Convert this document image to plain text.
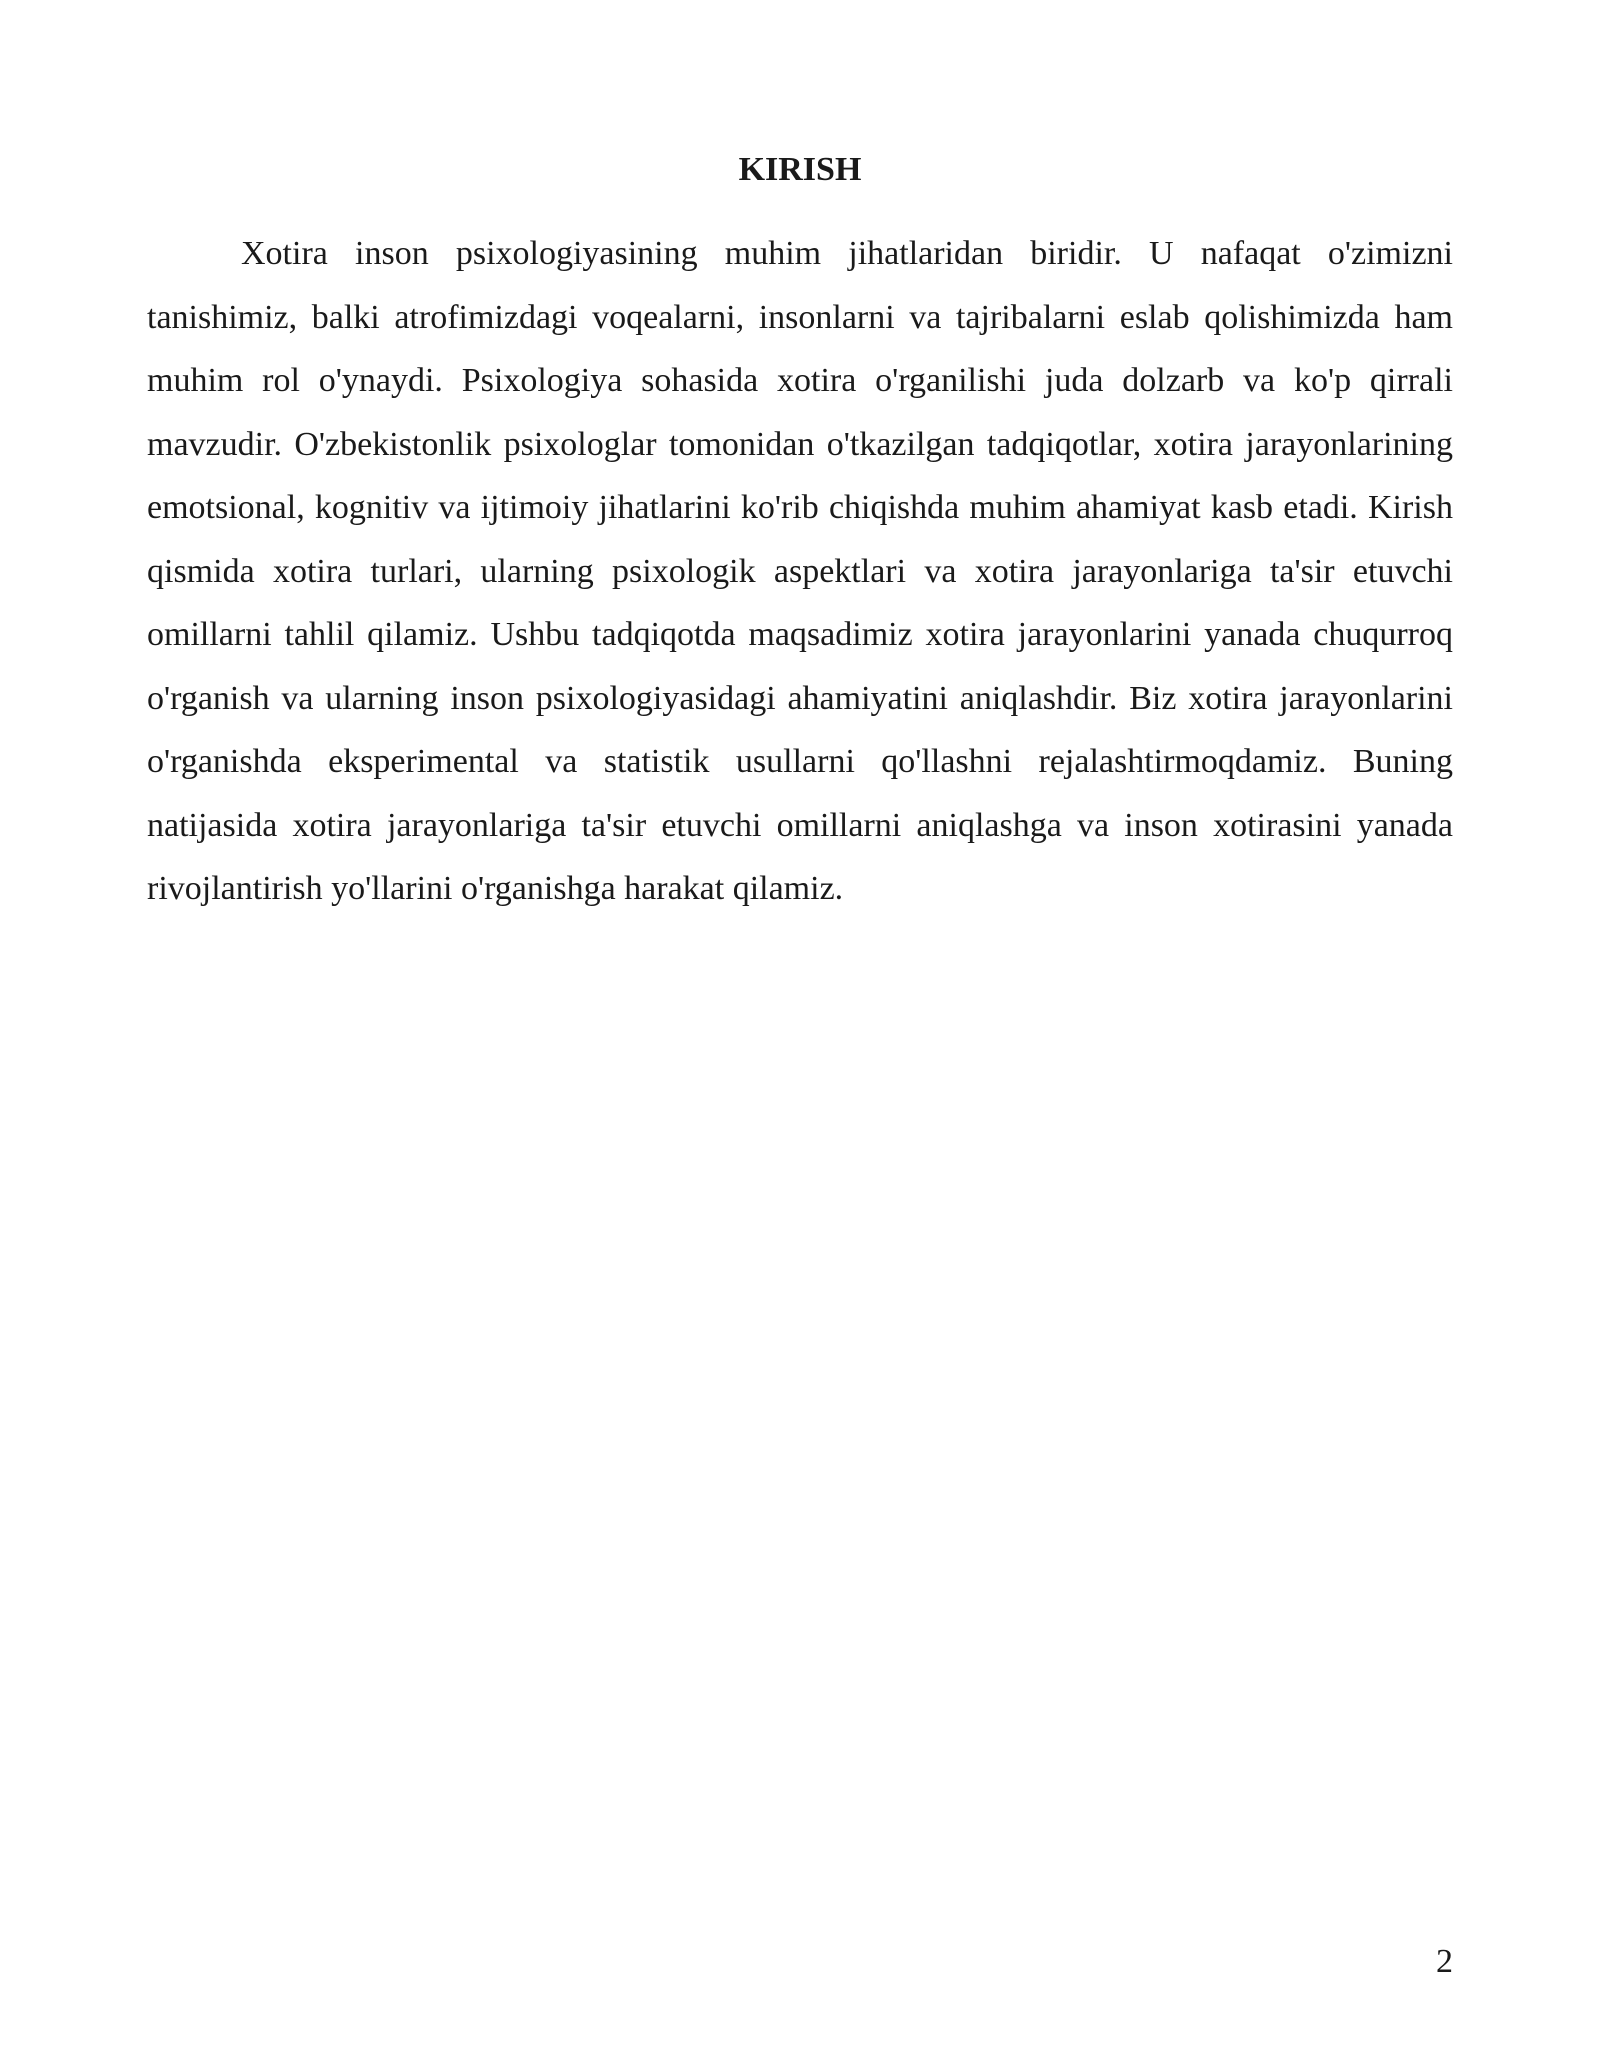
KIRISH

Xotira inson psixologiyasining muhim jihatlaridan biridir. U nafaqat o'zimizni tanishimiz, balki atrofimizdagi voqealarni, insonlarni va tajribalarni eslab qolishimizda ham muhim rol o'ynaydi. Psixologiya sohasida xotira o'rganilishi juda dolzarb va ko'p qirrali mavzudir. O'zbekistonlik psixologlar tomonidan o'tkazilgan tadqiqotlar, xotira jarayonlarining emotsional, kognitiv va ijtimoiy jihatlarini ko'rib chiqishda muhim ahamiyat kasb etadi. Kirish qismida xotira turlari, ularning psixologik aspektlari va xotira jarayonlariga ta'sir etuvchi omillarni tahlil qilamiz. Ushbu tadqiqotda maqsadimiz xotira jarayonlarini yanada chuqurroq o'rganish va ularning inson psixologiyasidagi ahamiyatini aniqlashdir. Biz xotira jarayonlarini o'rganishda eksperimental va statistik usullarni qo'llashni rejalashtirmoqdamiz. Buning natijasida xotira jarayonlariga ta'sir etuvchi omillarni aniqlashga va inson xotirasini yanada rivojlantirish yo'llarini o'rganishga harakat qilamiz.

2
